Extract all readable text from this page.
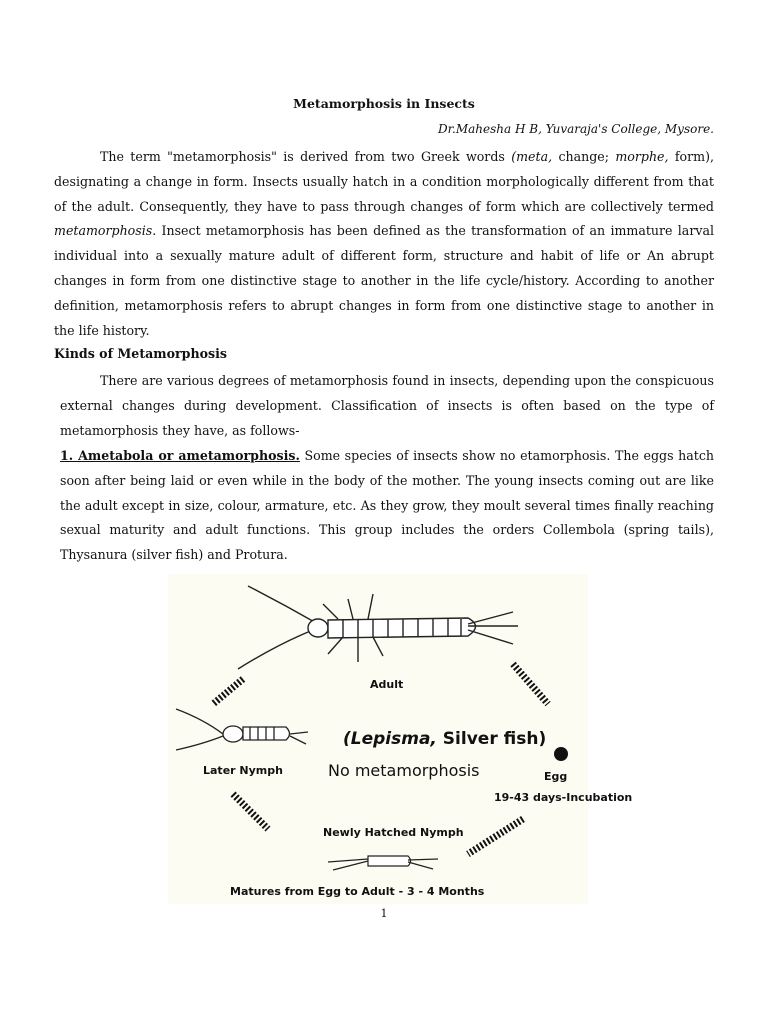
Metamorphosis in Insects
Dr.Mahesha H B, Yuvaraja's College, Mysore.

The term "metamorphosis" is derived from two Greek words (meta, change; morphe, form), designating a change in form. Insects usually hatch in a condition morphologically different from that of the adult. Consequently, they have to pass through changes of form which are collectively termed metamorphosis. Insect metamorphosis has been defined as the transformation of an immature larval individual into a sexually mature adult of different form, structure and habit of life or An abrupt changes in form from one distinctive stage to another in the life cycle/history. According to another definition, metamorphosis refers to abrupt changes in form from one distinctive stage to another in the life history.

Kinds of Metamorphosis

There are various degrees of metamorphosis found in insects, depending upon the conspicuous external changes during development. Classification of insects is often based on the type of metamorphosis they have, as follows-

1. Ametabola or ametamorphosis. Some species of insects show no etamorphosis. The eggs hatch soon after being laid or even while in the body of the mother. The young insects coming out are like the adult except in size, colour, armature, etc. As they grow, they moult several times finally reaching sexual maturity and adult functions. This group includes the orders Collembola (spring tails), Thysanura (silver fish) and Protura.

Adult
(Lepisma, Silver fish)
No metamorphosis
Later Nymph	Egg
19-43 days-Incubation
Newly Hatched Nymph
Matures from Egg to Adult - 3 - 4 Months
1
